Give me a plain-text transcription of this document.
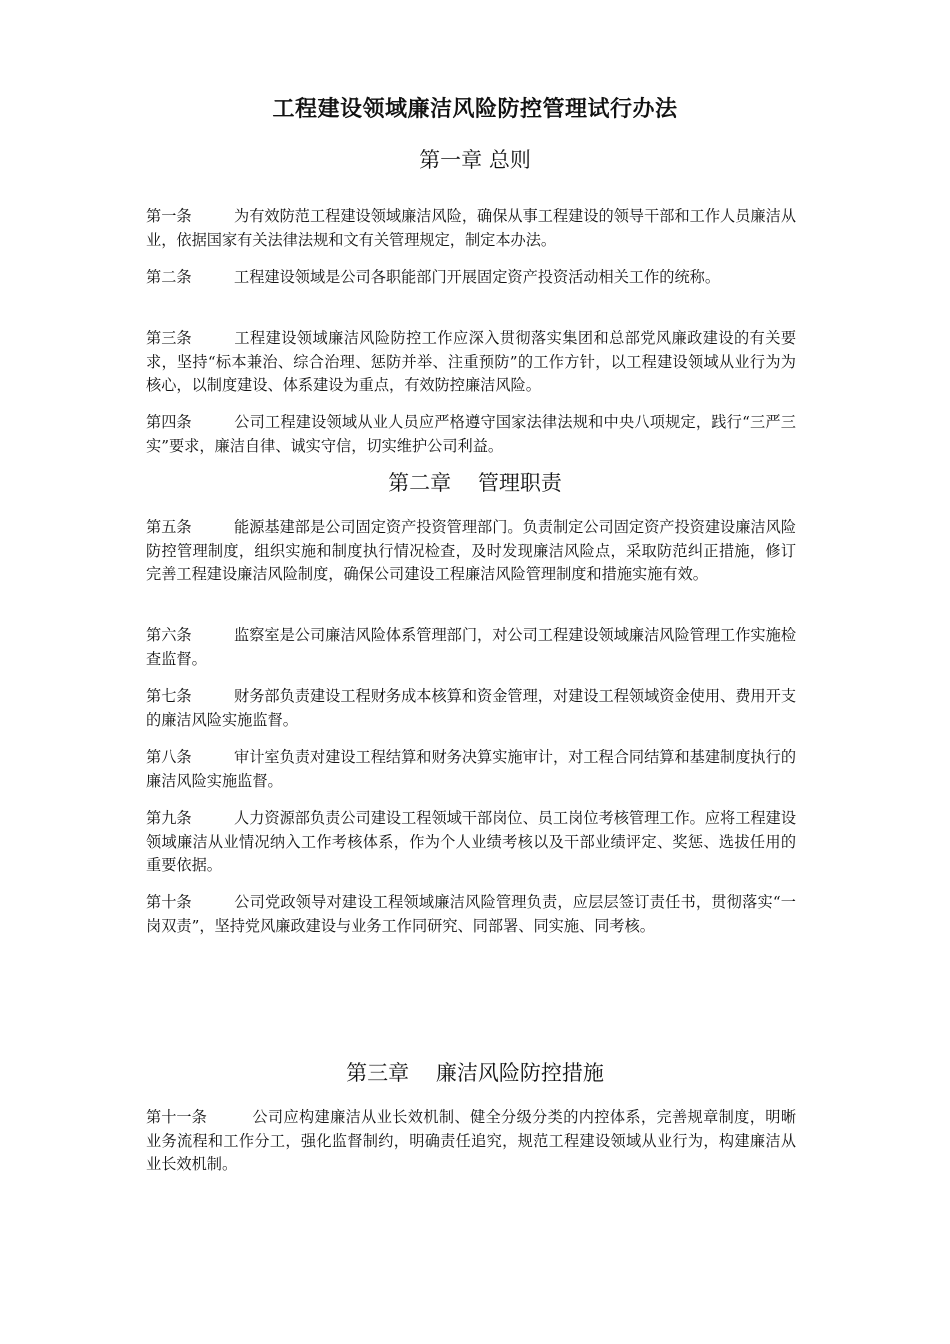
工程建设领域廉洁风险防控管理试行办法
第一章 总则
第一条	为有效防范工程建设领域廉洁风险，确保从事工程建设的领导干部和工作人员廉洁从业，依据国家有关法律法规和文有关管理规定，制定本办法。
第二条	工程建设领域是公司各职能部门开展固定资产投资活动相关工作的统称。
第三条	工程建设领域廉洁风险防控工作应深入贯彻落实集团和总部党风廉政建设的有关要求，坚持“标本兼治、综合治理、惩防并举、注重预防”的工作方针，以工程建设领域从业行为为核心，以制度建设、体系建设为重点，有效防控廉洁风险。
第四条	公司工程建设领域从业人员应严格遵守国家法律法规和中央八项规定，践行“三严三实”要求，廉洁自律、诚实守信，切实维护公司利益。
第二章    管理职责
第五条	能源基建部是公司固定资产投资管理部门。负责制定公司固定资产投资建设廉洁风险防控管理制度，组织实施和制度执行情况检查，及时发现廉洁风险点，采取防范纠正措施，修订完善工程建设廉洁风险制度，确保公司建设工程廉洁风险管理制度和措施实施有效。
第六条	监察室是公司廉洁风险体系管理部门，对公司工程建设领域廉洁风险管理工作实施检查监督。
第七条	财务部负责建设工程财务成本核算和资金管理，对建设工程领域资金使用、费用开支的廉洁风险实施监督。
第八条	审计室负责对建设工程结算和财务决算实施审计，对工程合同结算和基建制度执行的廉洁风险实施监督。
第九条	人力资源部负责公司建设工程领域干部岗位、员工岗位考核管理工作。应将工程建设领域廉洁从业情况纳入工作考核体系，作为个人业绩考核以及干部业绩评定、奖惩、选拔任用的重要依据。
第十条	公司党政领导对建设工程领域廉洁风险管理负责，应层层签订责任书，贯彻落实“一岗双责”，坚持党风廉政建设与业务工作同研究、同部署、同实施、同考核。
第三章    廉洁风险防控措施
第十一条	公司应构建廉洁从业长效机制、健全分级分类的内控体系，完善规章制度，明晰业务流程和工作分工，强化监督制约，明确责任追究，规范工程建设领域从业行为，构建廉洁从业长效机制。
